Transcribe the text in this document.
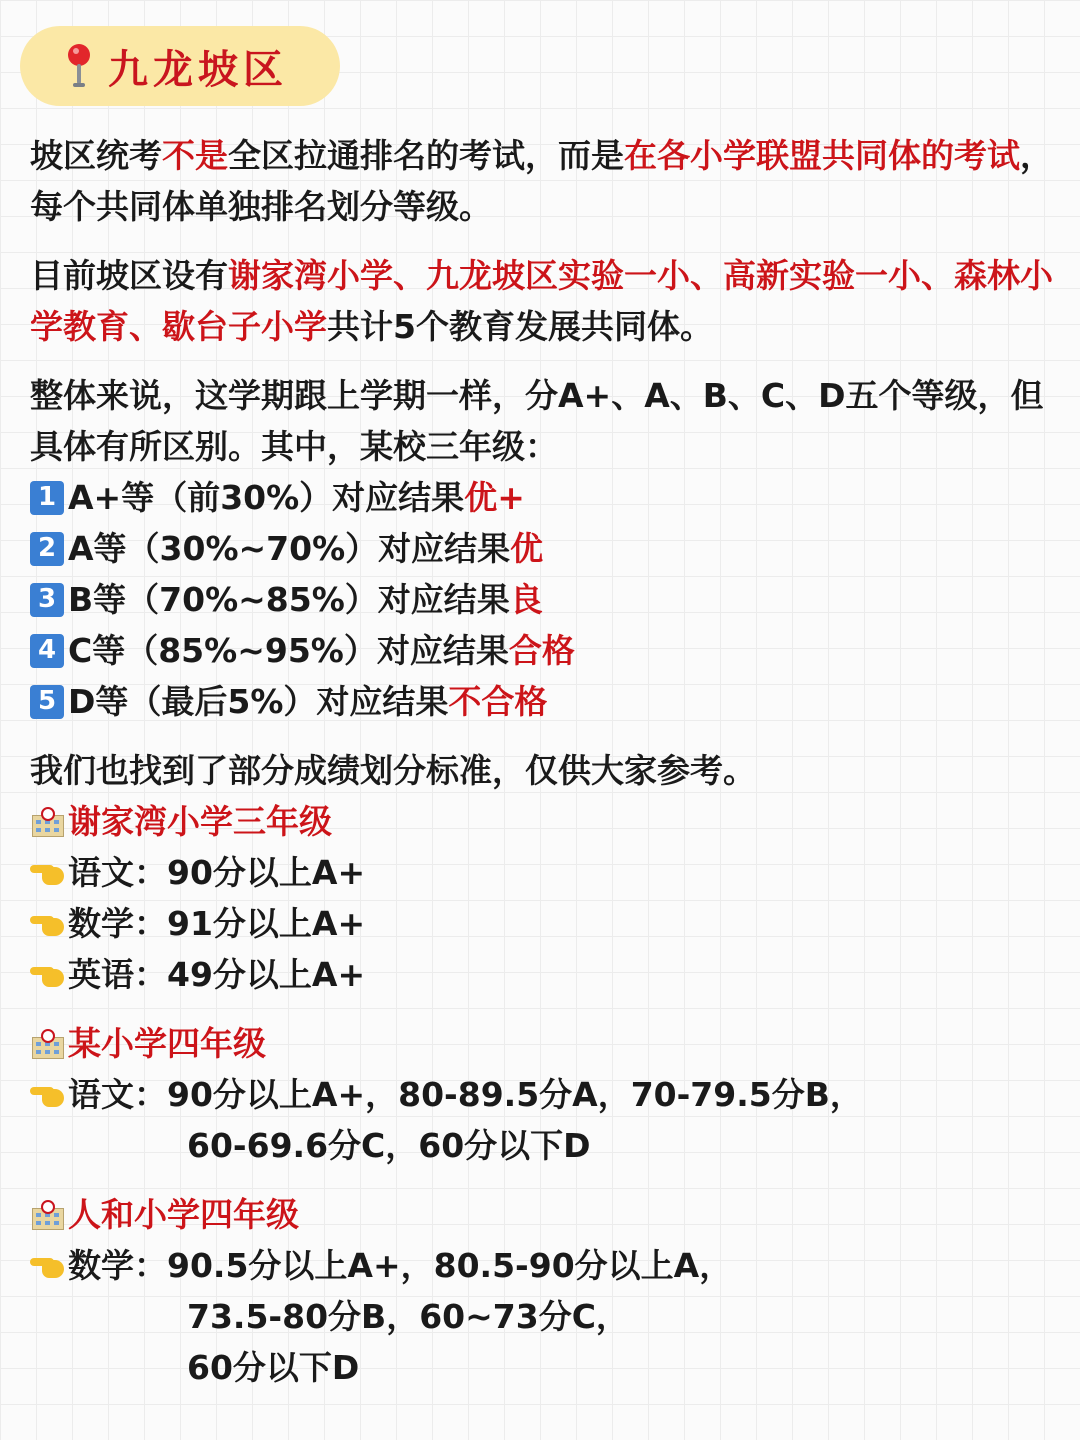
九龙坡区
坡区统考不是全区拉通排名的考试，而是在各小学联盟共同体的考试，每个共同体单独排名划分等级。
目前坡区设有谢家湾小学、九龙坡区实验一小、高新实验一小、森林小学教育、歇台子小学共计5个教育发展共同体。
整体来说，这学期跟上学期一样，分A+、A、B、C、D五个等级，但具体有所区别。其中，某校三年级：
1 A+等（前30%）对应结果 优+
2 A等（30%~70%）对应结果 优
3 B等（70%~85%）对应结果 良
4 C等（85%~95%）对应结果 合格
5 D等（最后5%）对应结果 不合格
我们也找到了部分成绩划分标准，仅供大家参考。
谢家湾小学三年级
语文：90分以上A+
数学：91分以上A+
英语：49分以上A+
某小学四年级
语文：90分以上A+，80-89.5分A，70-79.5分B，
60-69.6分C，60分以下D
人和小学四年级
数学：90.5分以上A+，80.5-90分以上A，
73.5-80分B，60~73分C，
60分以下D
